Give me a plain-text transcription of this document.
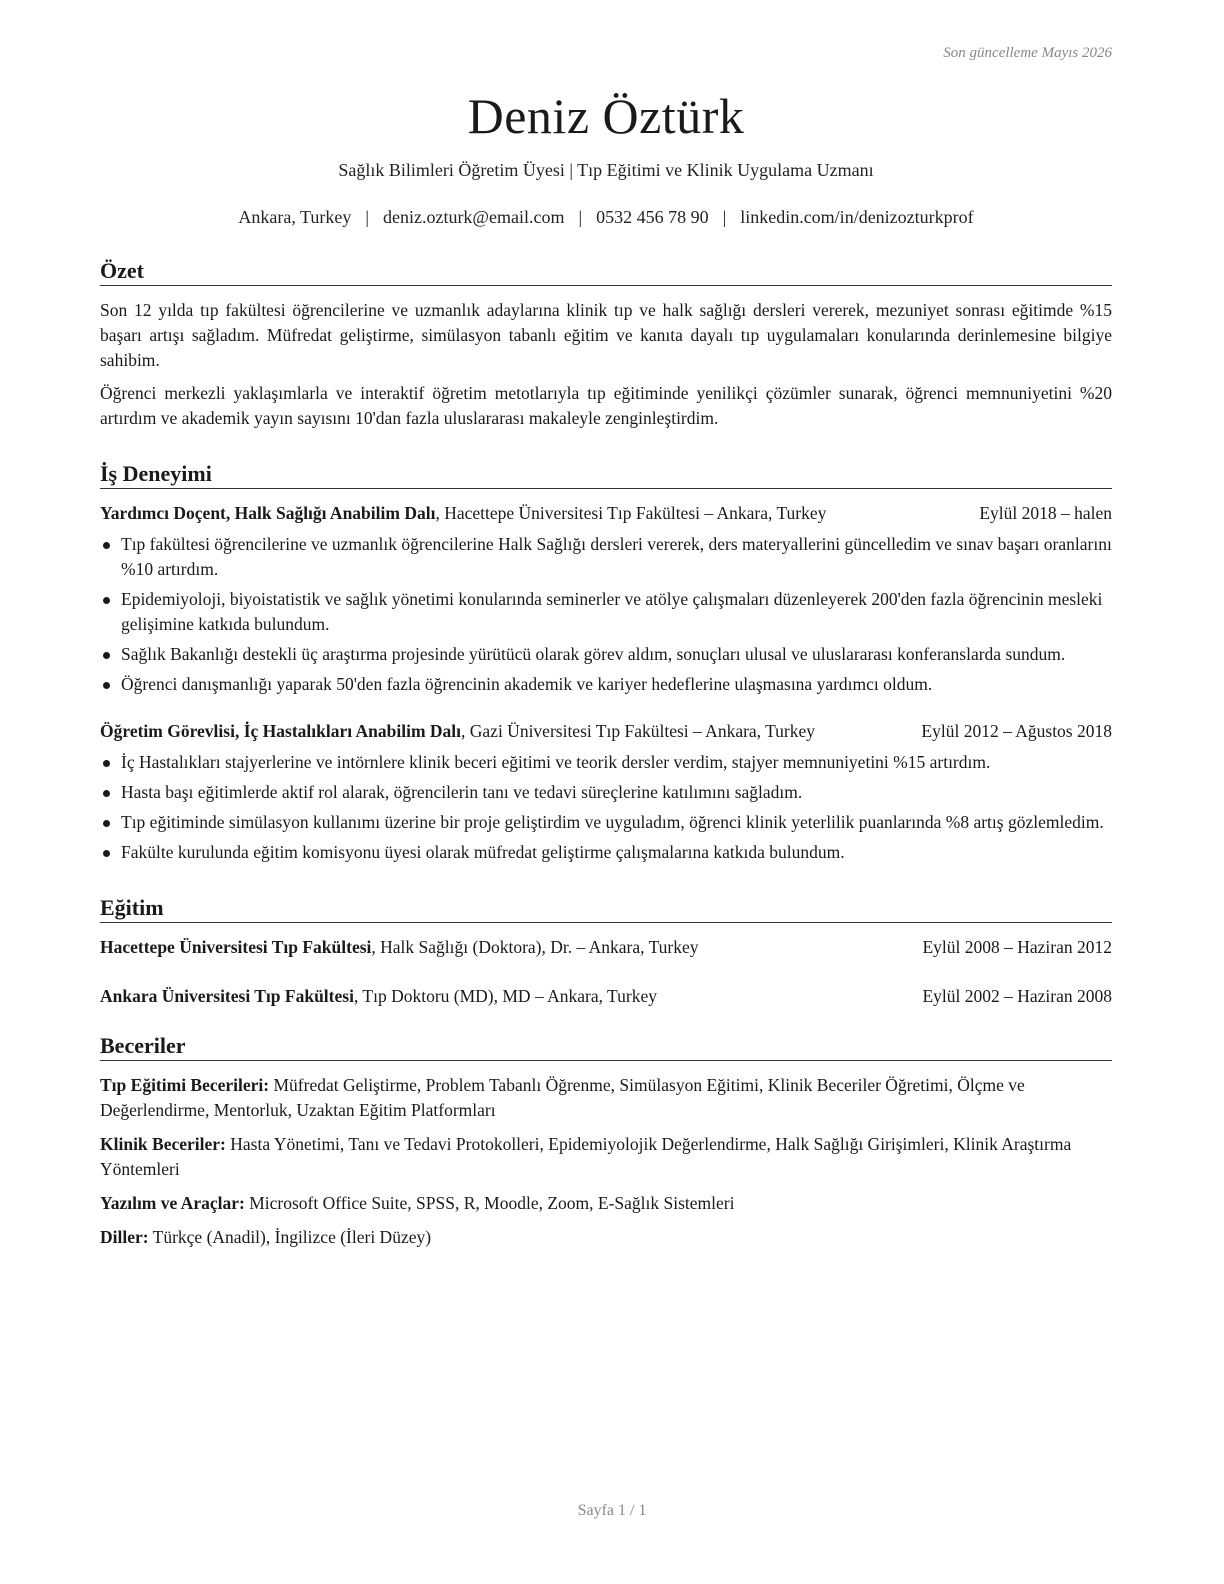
Son güncelleme Mayıs 2026
Deniz Öztürk
Sağlık Bilimleri Öğretim Üyesi | Tıp Eğitimi ve Klinik Uygulama Uzmanı
Ankara, Turkey | deniz.ozturk@email.com | 0532 456 78 90 | linkedin.com/in/denizozturkprof
Özet

Son 12 yılda tıp fakültesi öğrencilerine ve uzmanlık adaylarına klinik tıp ve halk sağlığı dersleri vererek, mezuniyet sonrası eğitimde %15 başarı artışı sağladım. Müfredat geliştirme, simülasyon tabanlı eğitim ve kanıta dayalı tıp uygulamaları konularında derinlemesine bilgiye sahibim.

Öğrenci merkezli yaklaşımlarla ve interaktif öğretim metotlarıyla tıp eğitiminde yenilikçi çözümler sunarak, öğrenci memnuniyetini %20 artırdım ve akademik yayın sayısını 10'dan fazla uluslararası makaleyle zenginleştirdim.

İş Deneyimi
Yardımcı Doçent, Halk Sağlığı Anabilim Dalı, Hacettepe Üniversitesi Tıp Fakültesi – Ankara, Turkey	Eylül 2018 – halen
Tıp fakültesi öğrencilerine ve uzmanlık öğrencilerine Halk Sağlığı dersleri vererek, ders materyallerini güncelledim ve sınav başarı oranlarını %10 artırdım.
Epidemiyoloji, biyoistatistik ve sağlık yönetimi konularında seminerler ve atölye çalışmaları düzenleyerek 200'den fazla öğrencinin mesleki gelişimine katkıda bulundum.
Sağlık Bakanlığı destekli üç araştırma projesinde yürütücü olarak görev aldım, sonuçları ulusal ve uluslararası konferanslarda sundum.
Öğrenci danışmanlığı yaparak 50'den fazla öğrencinin akademik ve kariyer hedeflerine ulaşmasına yardımcı oldum.
Öğretim Görevlisi, İç Hastalıkları Anabilim Dalı, Gazi Üniversitesi Tıp Fakültesi – Ankara, Turkey	Eylül 2012 – Ağustos 2018
İç Hastalıkları stajyerlerine ve intörnlere klinik beceri eğitimi ve teorik dersler verdim, stajyer memnuniyetini %15 artırdım.
Hasta başı eğitimlerde aktif rol alarak, öğrencilerin tanı ve tedavi süreçlerine katılımını sağladım.
Tıp eğitiminde simülasyon kullanımı üzerine bir proje geliştirdim ve uyguladım, öğrenci klinik yeterlilik puanlarında %8 artış gözlemledim.
Fakülte kurulunda eğitim komisyonu üyesi olarak müfredat geliştirme çalışmalarına katkıda bulundum.
Eğitim
Hacettepe Üniversitesi Tıp Fakültesi, Halk Sağlığı (Doktora), Dr. – Ankara, Turkey	Eylül 2008 – Haziran 2012
Ankara Üniversitesi Tıp Fakültesi, Tıp Doktoru (MD), MD – Ankara, Turkey	Eylül 2002 – Haziran 2008
Beceriler
Tıp Eğitimi Becerileri: Müfredat Geliştirme, Problem Tabanlı Öğrenme, Simülasyon Eğitimi, Klinik Beceriler Öğretimi, Ölçme ve Değerlendirme, Mentorluk, Uzaktan Eğitim Platformları
Klinik Beceriler: Hasta Yönetimi, Tanı ve Tedavi Protokolleri, Epidemiyolojik Değerlendirme, Halk Sağlığı Girişimleri, Klinik Araştırma Yöntemleri
Yazılım ve Araçlar: Microsoft Office Suite, SPSS, R, Moodle, Zoom, E-Sağlık Sistemleri
Diller: Türkçe (Anadil), İngilizce (İleri Düzey)
Sayfa 1 / 1
